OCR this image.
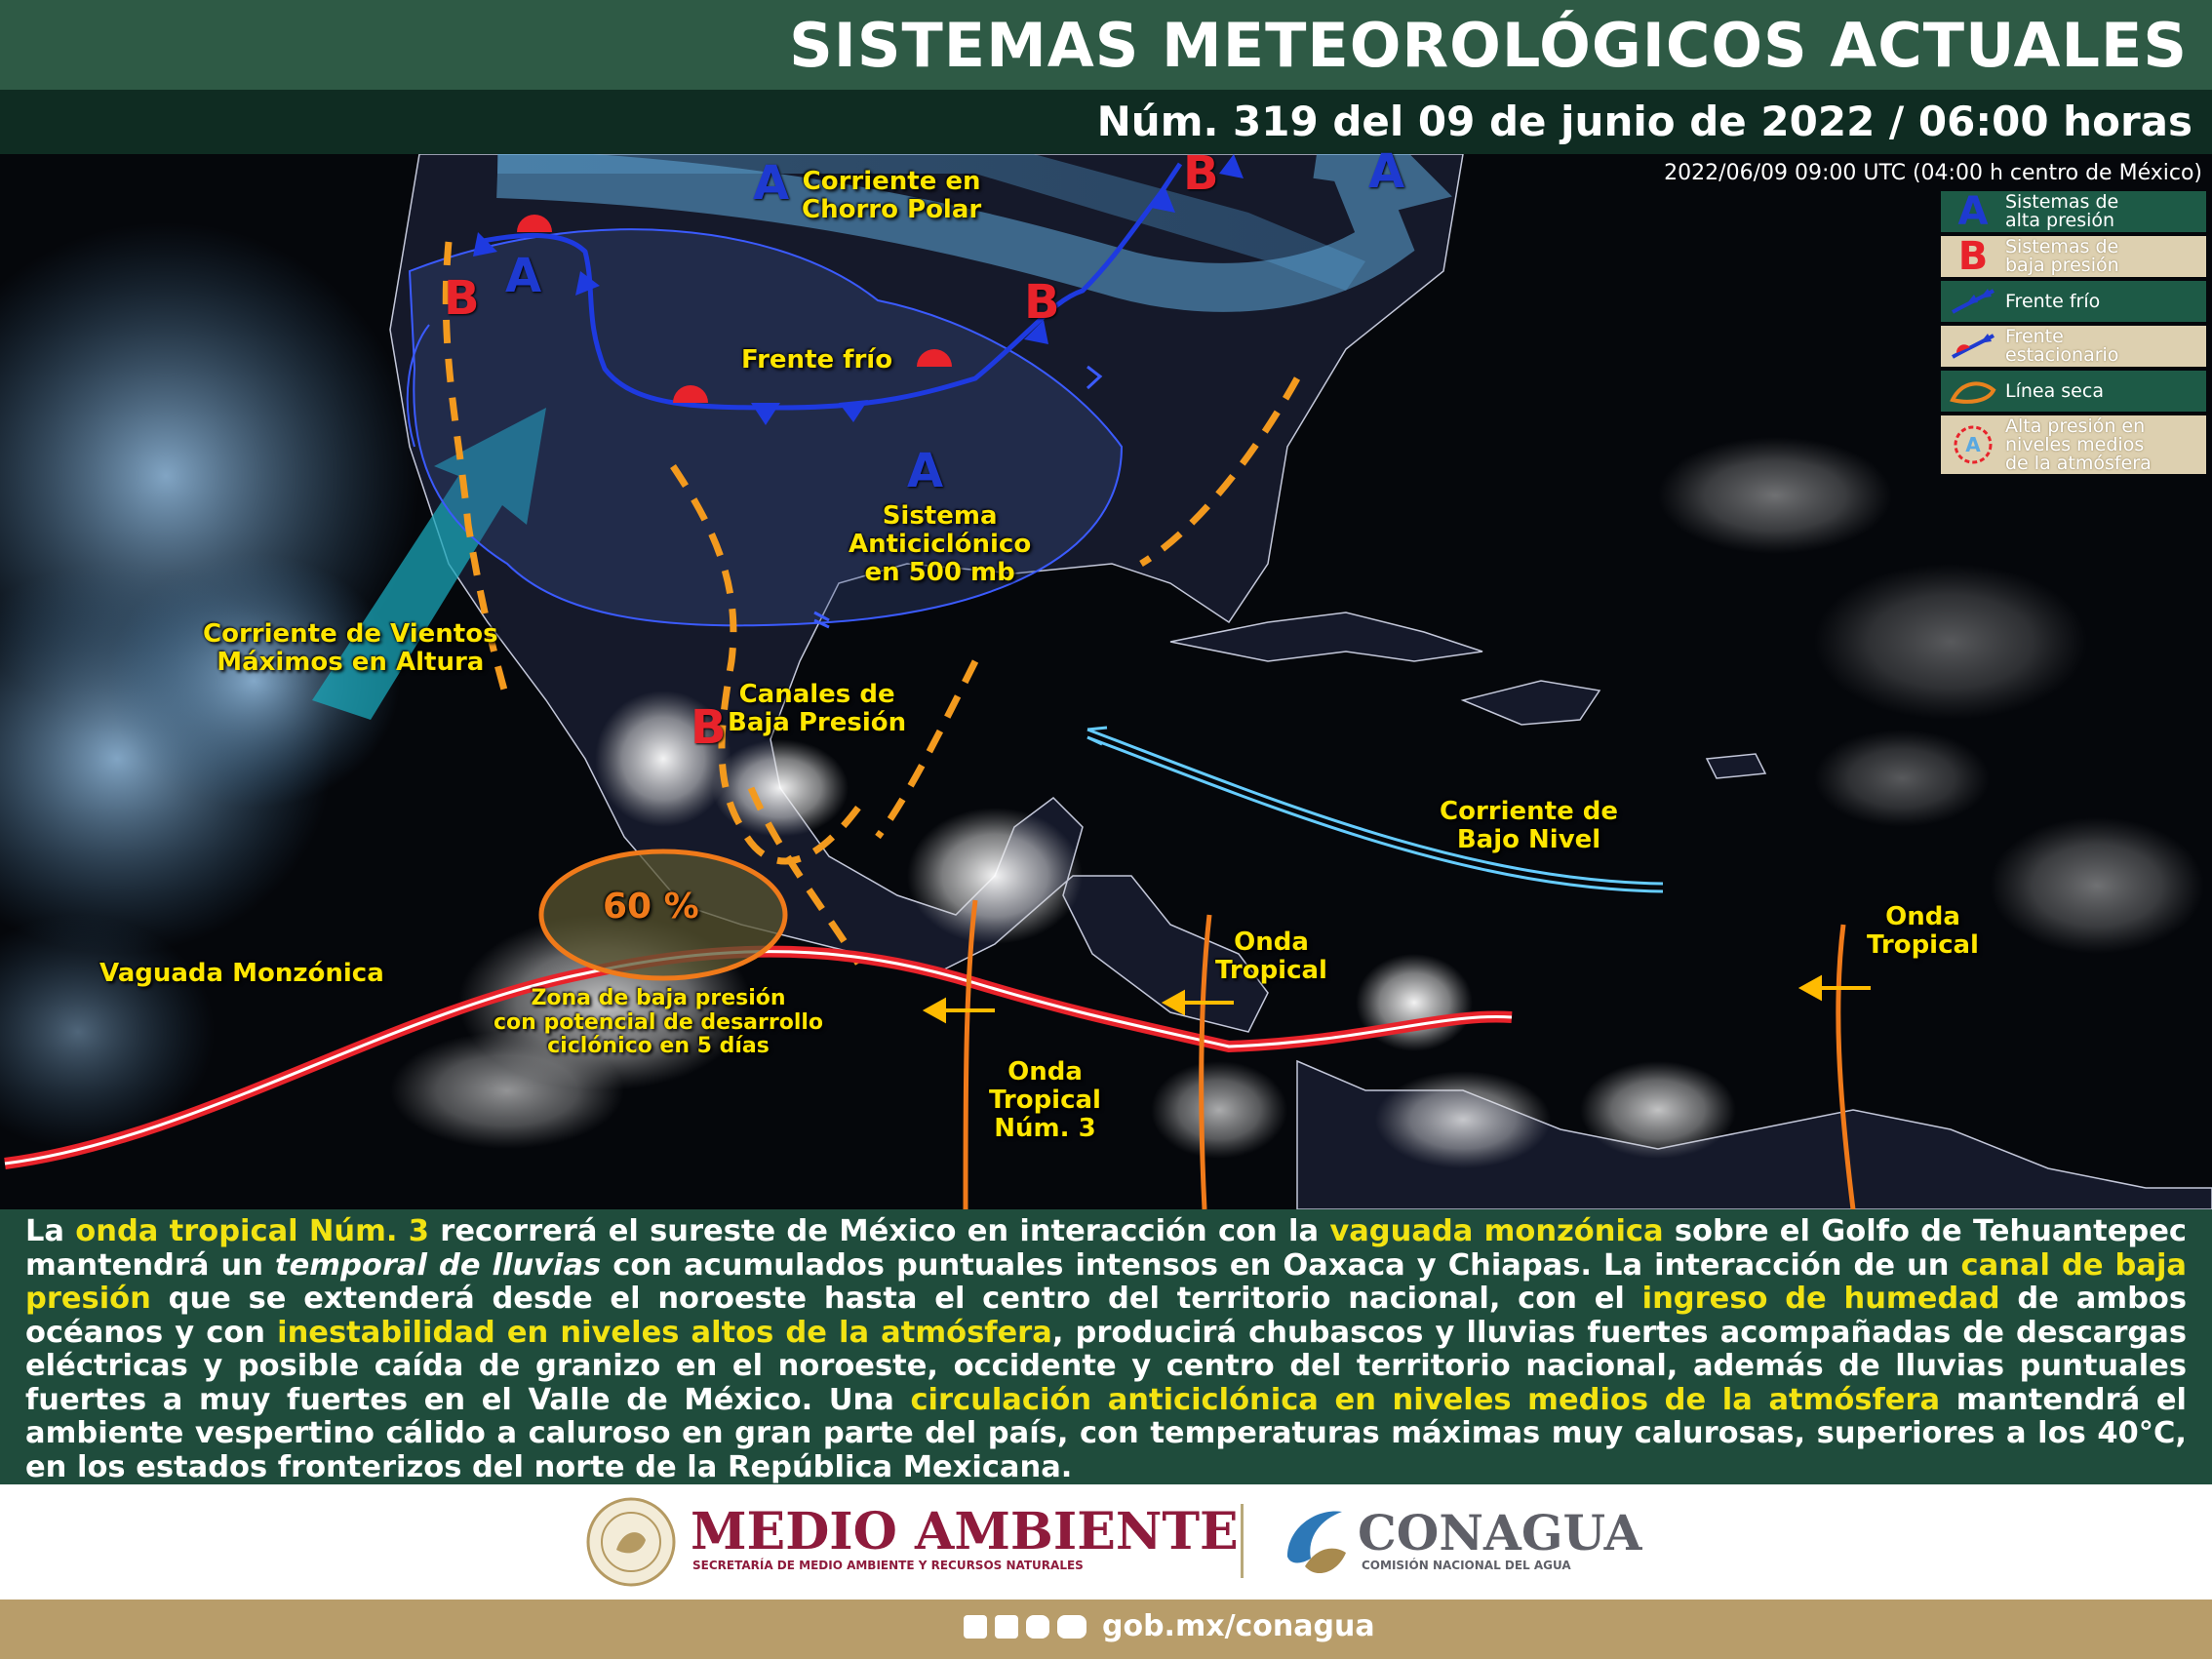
SISTEMAS METEOROLÓGICOS ACTUALES
Núm. 319 del 09 de junio de 2022 / 06:00 horas
A
A
A
A
B	B
B
B
2022/06/09 09:00 UTC (04:00 h centro de México)
Corriente en
Chorro Polar
Frente frío
Sistema
Anticiclónico
en 500 mb
Corriente de Vientos
Máximos en Altura
Canales de
Baja Presión
Corriente de
Bajo Nivel
Vaguada Monzónica
60 %
Zona de baja presión
con potencial de desarrollo
ciclónico en 5 días
Onda
Tropical
Núm. 3
Onda
Tropical
Onda
Tropical
A Sistemas de
alta presión
B Sistemas de
baja presión
Frente frío
Frente
estacionario
Línea seca
A
Alta presión en
niveles medios
de la atmósfera

La onda tropical Núm. 3 recorrerá el sureste de México en interacción con la vaguada monzónica sobre el Golfo de Tehuantepec mantendrá un temporal de lluvias con acumulados puntuales intensos en Oaxaca y Chiapas. La interacción de un canal de baja presión que se extenderá desde el noroeste hasta el centro del territorio nacional, con el ingreso de humedad de ambos océanos y con inestabilidad en niveles altos de la atmósfera, producirá chubascos y lluvias fuertes acompañadas de descargas eléctricas y posible caída de granizo en el noroeste, occidente y centro del territorio nacional, además de lluvias puntuales fuertes a muy fuertes en el Valle de México. Una circulación anticiclónica en niveles medios de la atmósfera mantendrá el ambiente vespertino cálido a caluroso en gran parte del país, con temperaturas máximas muy calurosas, superiores a los 40°C, en los estados fronterizos del norte de la República Mexicana.

MEDIO AMBIENTE
SECRETARÍA DE MEDIO AMBIENTE Y RECURSOS NATURALES
CONAGUA
COMISIÓN NACIONAL DEL AGUA
gob.mx/conagua
